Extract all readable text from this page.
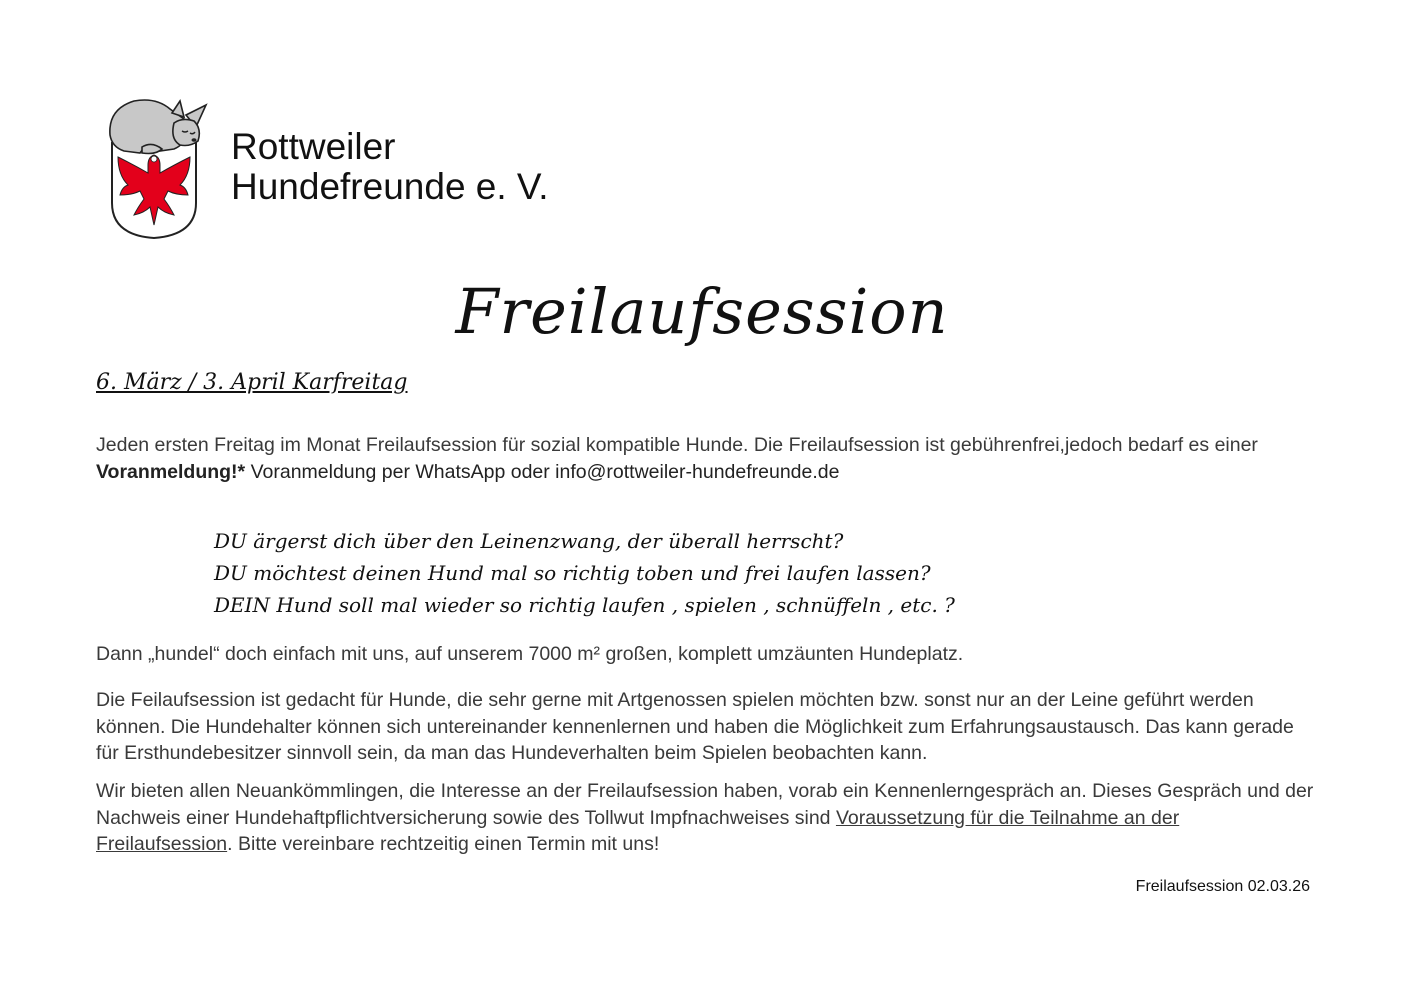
Rottweiler
Hundefreunde e. V.
Freilaufsession
6. März / 3. April Karfreitag
Jeden ersten Freitag im Monat Freilaufsession für sozial kompatible Hunde. Die Freilaufsession ist gebührenfrei,jedoch bedarf es einer
Voranmeldung!* Voranmeldung per WhatsApp oder info@rottweiler-hundefreunde.de
DU ärgerst dich über den Leinenzwang, der überall herrscht?
DU möchtest deinen Hund mal so richtig toben und frei laufen lassen?
DEIN Hund soll mal wieder so richtig laufen , spielen , schnüffeln , etc. ?
Dann „hundel“ doch einfach mit uns, auf unserem 7000 m² großen, komplett umzäunten Hundeplatz.
Die Feilaufsession ist gedacht für Hunde, die sehr gerne mit Artgenossen spielen möchten bzw. sonst nur an der Leine geführt werden können. Die Hundehalter können sich untereinander kennenlernen und haben die Möglichkeit zum Erfahrungsaustausch. Das kann gerade für Ersthundebesitzer sinnvoll sein, da man das Hundeverhalten beim Spielen beobachten kann.
Wir bieten allen Neuankömmlingen, die Interesse an der Freilaufsession haben, vorab ein Kennenlerngespräch an. Dieses Gespräch und der Nachweis einer Hundehaftpflichtversicherung sowie des Tollwut Impfnachweises sind Voraussetzung für die Teilnahme an der Freilaufsession. Bitte vereinbare rechtzeitig einen Termin mit uns!
Freilaufsession 02.03.26
